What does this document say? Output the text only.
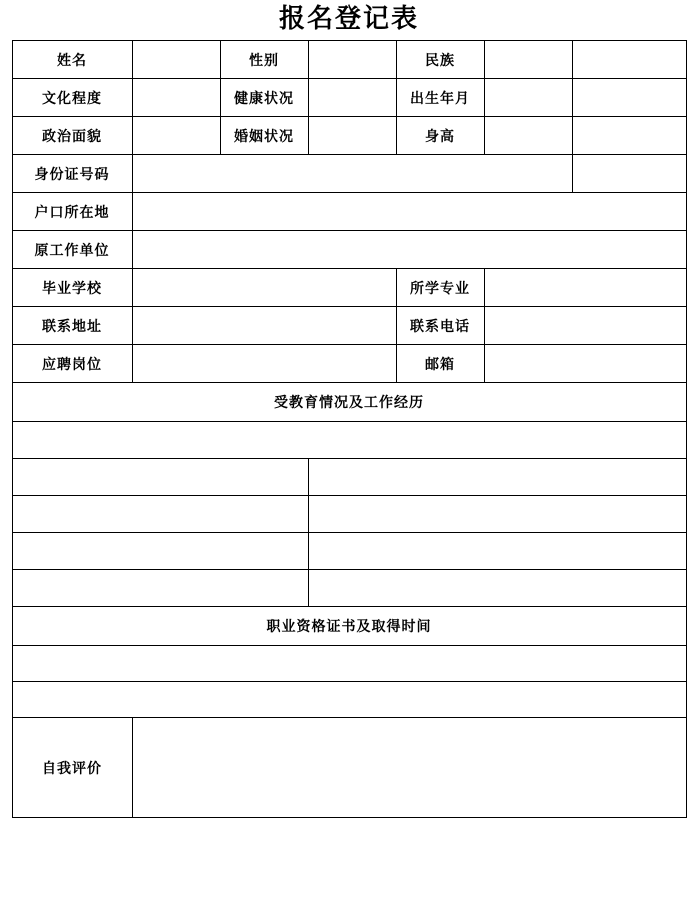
报名登记表
姓名		性别		民族		
文化程度		健康状况		出生年月		
政治面貌		婚姻状况		身高		
身份证号码						
户口所在地						
原工作单位						
毕业学校				所学专业		
联系地址				联系电话		
应聘岗位				邮箱		
受教育情况及工作经历						

职业资格证书及取得时间						

自我评价						
